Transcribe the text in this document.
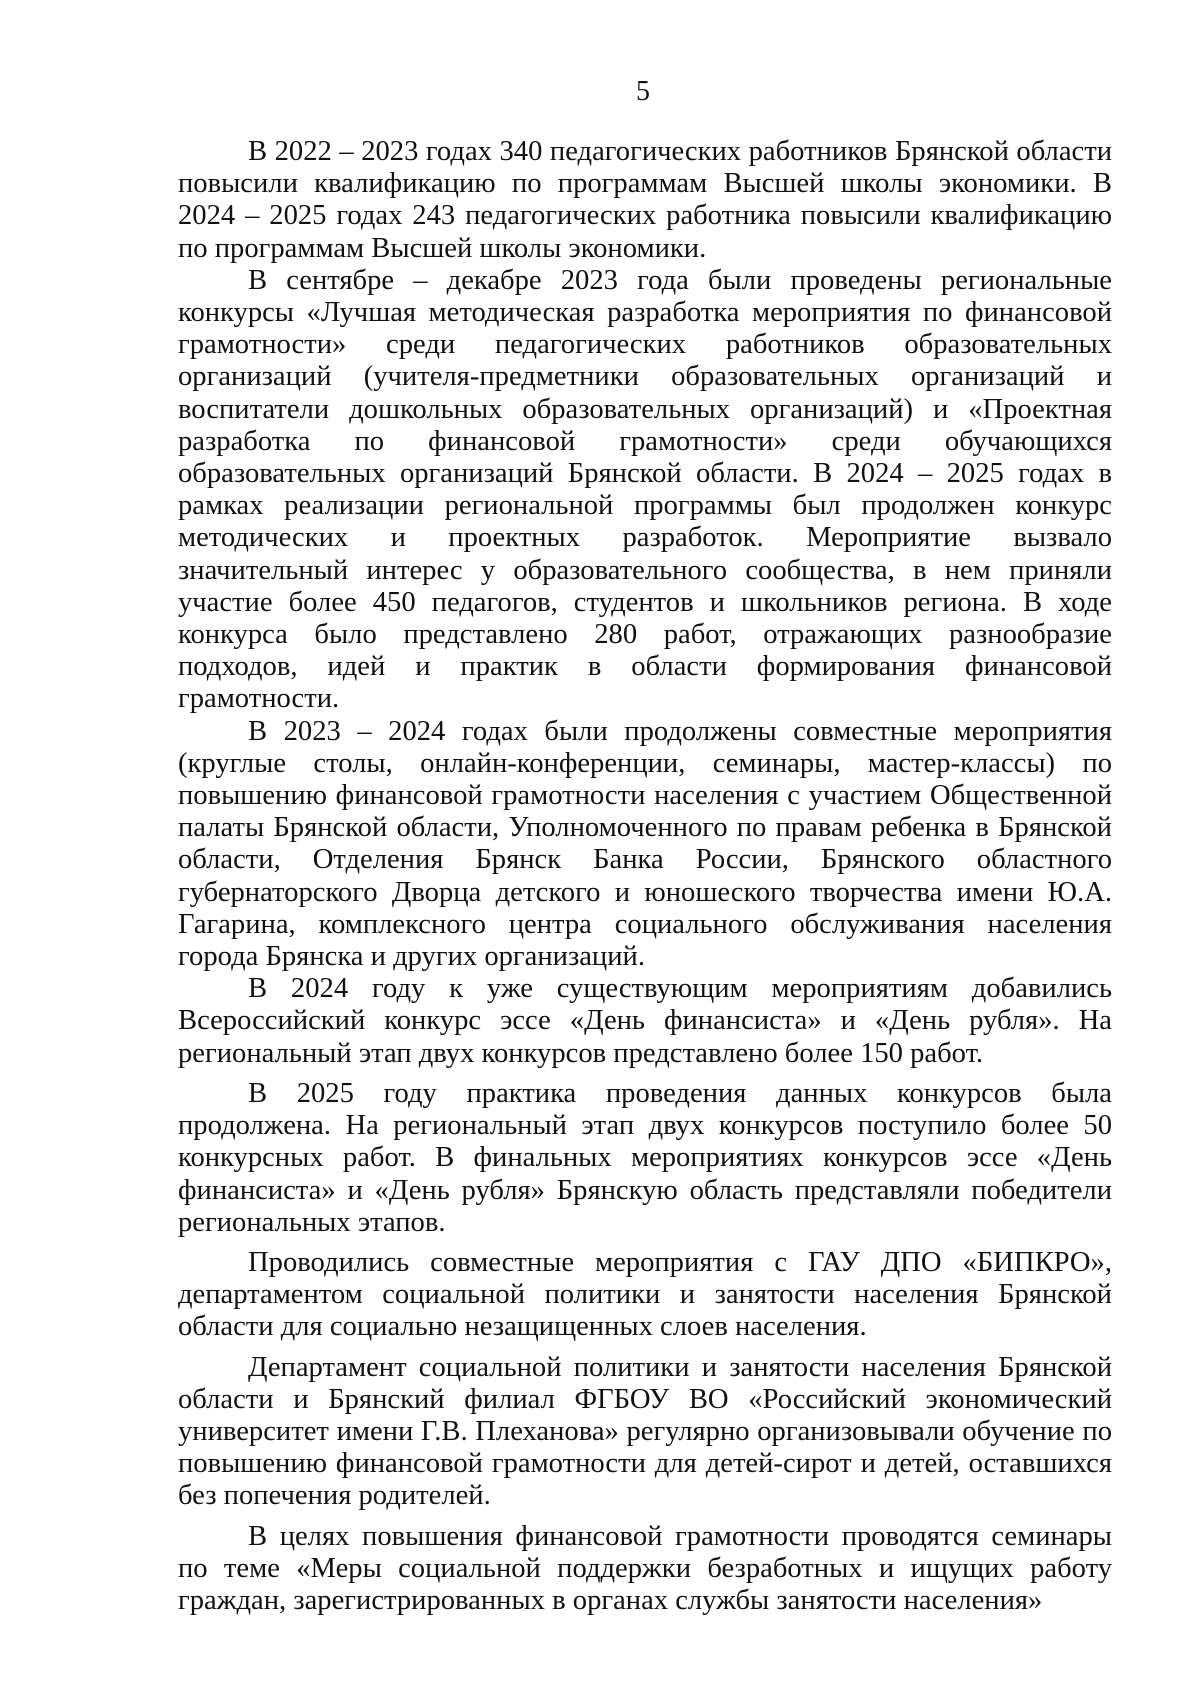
5

В 2022 – 2023 годах 340 педагогических работников Брянской области повысили квалификацию по программам Высшей школы экономики. В 2024 – 2025 годах 243 педагогических работника повысили квалификацию по программам Высшей школы экономики.

В сентябре – декабре 2023 года были проведены региональные конкурсы «Лучшая методическая разработка мероприятия по финансовой грамотности» среди педагогических работников образовательных организаций (учителя-предметники образовательных организаций и воспитатели дошкольных образовательных организаций) и «Проектная разработка по финансовой грамотности» среди обучающихся образовательных организаций Брянской области. В 2024 – 2025 годах в рамках реализации региональной программы был продолжен конкурс методических и проектных разработок. Мероприятие вызвало значительный интерес у образовательного сообщества, в нем приняли участие более 450 педагогов, студентов и школьников региона. В ходе конкурса было представлено 280 работ, отражающих разнообразие подходов, идей и практик в области формирования финансовой грамотности.

В 2023 – 2024 годах были продолжены совместные мероприятия (круглые столы, онлайн-конференции, семинары, мастер-классы) по повышению финансовой грамотности населения с участием Общественной палаты Брянской области, Уполномоченного по правам ребенка в Брянской области, Отделения Брянск Банка России, Брянского областного губернаторского Дворца детского и юношеского творчества имени Ю.А. Гагарина, комплексного центра социального обслуживания населения города Брянска и других организаций.

В 2024 году к уже существующим мероприятиям добавились Всероссийский конкурс эссе «День финансиста» и «День рубля». На региональный этап двух конкурсов представлено более 150 работ.

В 2025 году практика проведения данных конкурсов была продолжена. На региональный этап двух конкурсов поступило более 50 конкурсных работ. В финальных мероприятиях конкурсов эссе «День финансиста» и «День рубля» Брянскую область представляли победители региональных этапов.

Проводились совместные мероприятия с ГАУ ДПО «БИПКРО», департаментом социальной политики и занятости населения Брянской области для социально незащищенных слоев населения.

Департамент социальной политики и занятости населения Брянской области и Брянский филиал ФГБОУ ВО «Российский экономический университет имени Г.В. Плеханова» регулярно организовывали обучение по повышению финансовой грамотности для детей-сирот и детей, оставшихся без попечения родителей.

В целях повышения финансовой грамотности проводятся семинары по теме «Меры социальной поддержки безработных и ищущих работу граждан, зарегистрированных в органах службы занятости населения»
